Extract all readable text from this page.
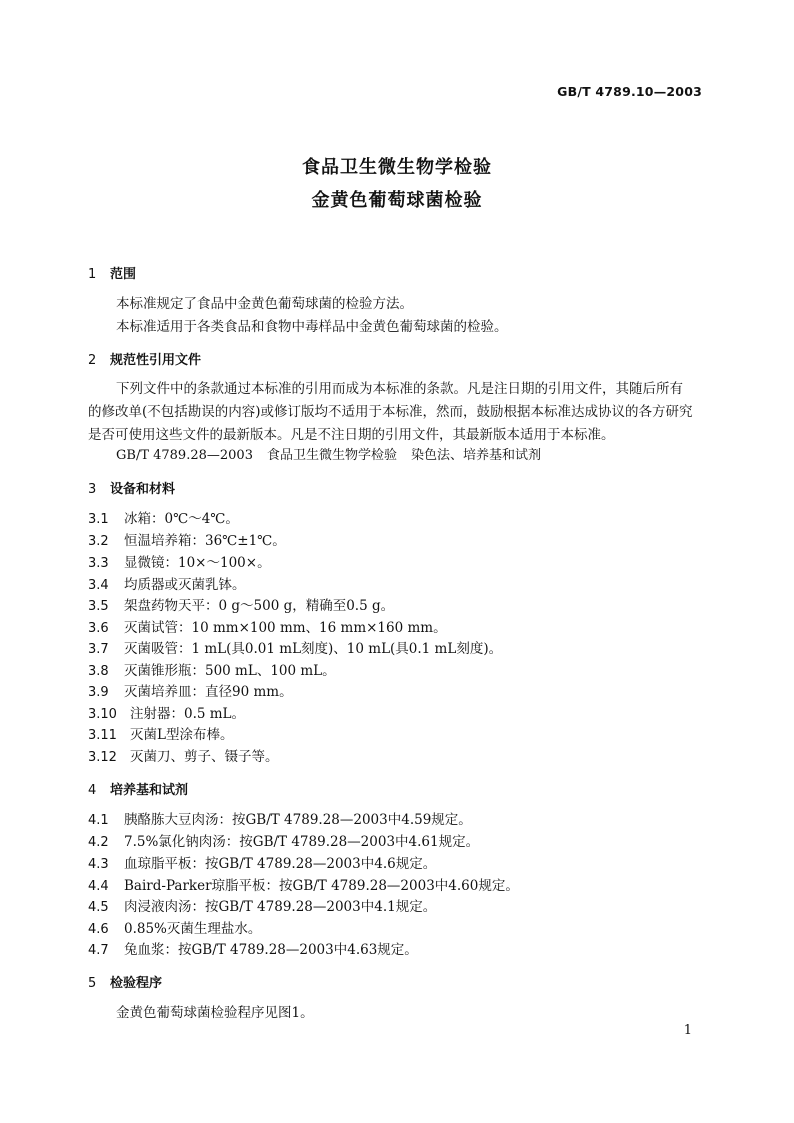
GB/T 4789.10—2003
食品卫生微生物学检验
金黄色葡萄球菌检验
1 范围
本标准规定了食品中金黄色葡萄球菌的检验方法。
本标准适用于各类食品和食物中毒样品中金黄色葡萄球菌的检验。
2 规范性引用文件
下列文件中的条款通过本标准的引用而成为本标准的条款。凡是注日期的引用文件，其随后所有
的修改单(不包括勘误的内容)或修订版均不适用于本标准，然而，鼓励根据本标准达成协议的各方研究
是否可使用这些文件的最新版本。凡是不注日期的引用文件，其最新版本适用于本标准。
GB/T 4789.28—2003 食品卫生微生物学检验 染色法、培养基和试剂
3 设备和材料
3.1 冰箱：0℃～4℃。
3.2 恒温培养箱：36℃±1℃。
3.3 显微镜：10×～100×。
3.4 均质器或灭菌乳钵。
3.5 架盘药物天平：0 g～500 g，精确至0.5 g。
3.6 灭菌试管：10 mm×100 mm、16 mm×160 mm。
3.7 灭菌吸管：1 mL(具0.01 mL刻度)、10 mL(具0.1 mL刻度)。
3.8 灭菌锥形瓶：500 mL、100 mL。
3.9 灭菌培养皿：直径90 mm。
3.10 注射器：0.5 mL。
3.11 灭菌L型涂布棒。
3.12 灭菌刀、剪子、镊子等。
4 培养基和试剂
4.1 胰酪胨大豆肉汤：按GB/T 4789.28—2003中4.59规定。
4.2 7.5%氯化钠肉汤：按GB/T 4789.28—2003中4.61规定。
4.3 血琼脂平板：按GB/T 4789.28—2003中4.6规定。
4.4 Baird-Parker琼脂平板：按GB/T 4789.28—2003中4.60规定。
4.5 肉浸液肉汤：按GB/T 4789.28—2003中4.1规定。
4.6 0.85%灭菌生理盐水。
4.7 兔血浆：按GB/T 4789.28—2003中4.63规定。
5 检验程序
金黄色葡萄球菌检验程序见图1。
1
